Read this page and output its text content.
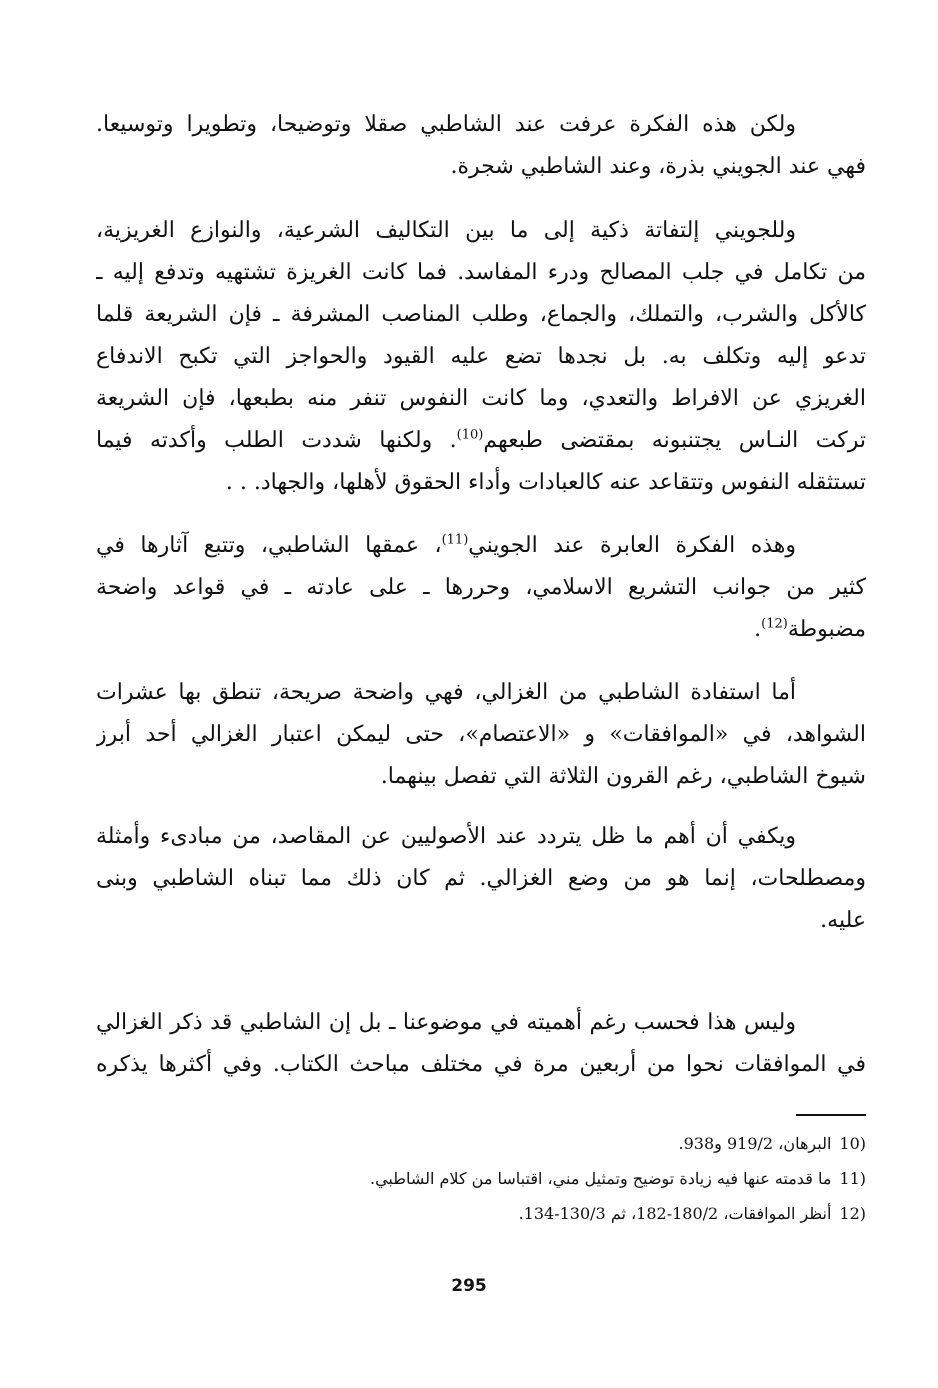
ولكن هذه الفكرة عرفت عند الشاطبي صقلا وتوضيحا، وتطويرا وتوسيعا.
فهي عند الجويني بذرة، وعند الشاطبي شجرة.
وللجويني إلتفاتة ذكية إلى ما بين التكاليف الشرعية، والنوازع الغريزية،
من تكامل في جلب المصالح ودرء المفاسد. فما كانت الغريزة تشتهيه وتدفع إليه ـ
كالأكل والشرب، والتملك، والجماع، وطلب المناصب المشرفة ـ فإن الشريعة قلما
تدعو إليه وتكلف به. بل نجدها تضع عليه القيود والحواجز التي تكبح الاندفاع
الغريزي عن الافراط والتعدي، وما كانت النفوس تنفر منه بطبعها، فإن الشريعة
تركت النـاس يجتنبونه بمقتضى طبعهم$^{(10)}$. ولكنها شددت الطلب وأكدته فيما
تستثقله النفوس وتتقاعد عنه كالعبادات وأداء الحقوق لأهلها، والجهاد. . .
وهذه الفكرة العابرة عند الجويني$^{(11)}$، عمقها الشاطبي، وتتبع آثارها في
كثير من جوانب التشريع الاسلامي، وحررها ـ على عادته ـ في قواعد واضحة
مضبوطة$^{(12)}$.
أما استفادة الشاطبي من الغزالي، فهي واضحة صريحة، تنطق بها عشرات
الشواهد، في «الموافقات» و «الاعتصام»، حتى ليمكن اعتبار الغزالي أحد أبرز
شيوخ الشاطبي، رغم القرون الثلاثة التي تفصل بينهما.
ويكفي أن أهم ما ظل يتردد عند الأصوليين عن المقاصد، من مبادىء وأمثلة
ومصطلحات، إنما هو من وضع الغزالي. ثم كان ذلك مما تبناه الشاطبي وبنى
عليه.
وليس هذا فحسب رغم أهميته في موضوعنا ـ بل إن الشاطبي قد ذكر الغزالي
في الموافقات نحوا من أربعين مرة في مختلف مباحث الكتاب. وفي أكثرها يذكره
10)البرهان، 919/2 و938.
11)ما قدمته عنها فيه زيادة توضيح وتمثيل مني، اقتباسا من كلام الشاطبي.
12)أنظر الموافقات، 180/2-182، ثم 130/3-134.
295
